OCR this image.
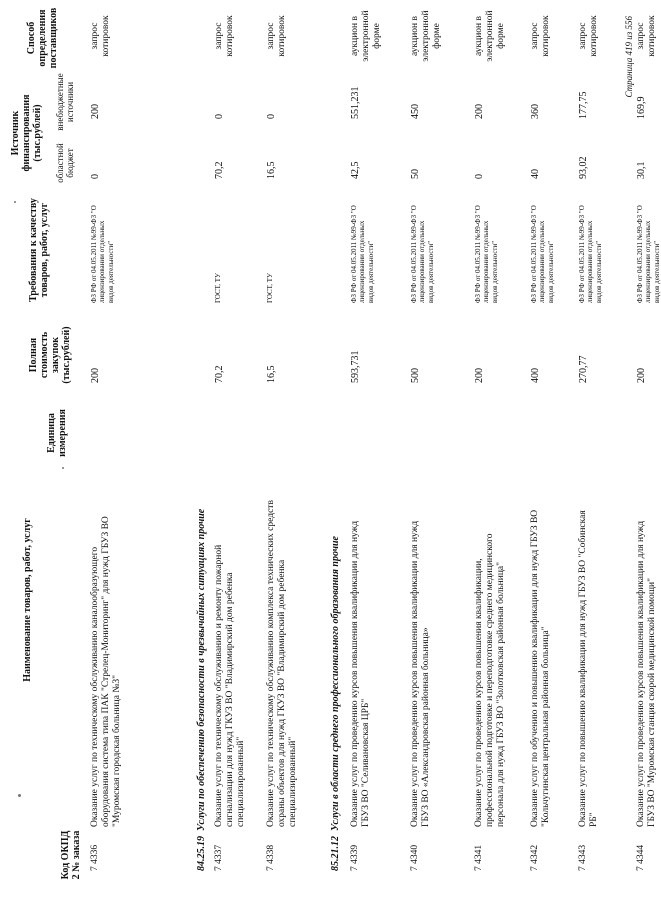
Код ОКПД 2 № заказа
Наименование товаров, работ, услуг
Единица измерения
Полная стоимость закупок (тыс.рублей)
Требования к качеству товаров, работ, услуг
Источник финансирования (тыс.рублей)
областной бюджет
внебюджетные источники
Способ определения поставщиков
7 4336
Оказание услуг по техническому обслуживанию каналообразующего оборудования система типа ПАК "Стрелец-Мониторинг" для нужд ГБУЗ ВО "Муромская городская больница №3"
200
ФЗ РФ от 04.05.2011 №99-ФЗ "О лицензировании отдельных видов деятельности"
0
200
запрос котировок
84.25.19Услуги по обеспечению безопасности в чрезвычайных ситуациях прочие
7 4337
Оказание услуг по техническому обслуживанию и ремонту пожарной сигнализации для нужд ГКУЗ ВО "Владимирский дом ребенка специализированный"
70,2
ГОСТ, ТУ
70,2
0
запрос котировок
7 4338
Оказание услуг по техническому обслуживанию комплекса технических средств охраны объектов для нужд ГКУЗ ВО "Владимирский дом ребенка специализированный"
16,5
ГОСТ, ТУ
16,5
0
запрос котировок
85.21.12Услуги в области среднего профессионального образования прочие
7 4339
Оказание услуг по проведению курсов повышения квалификации для нужд ГБУЗ ВО "Селивановская ЦРБ"
593,731
ФЗ РФ от 04.05.2011 №99-ФЗ "О лицензировании отдельных видов деятельности"
42,5
551,231
аукцион в электронной форме
7 4340
Оказание услуг по проведению курсов повышения квалификации для нужд ГБУЗ ВО «Александровская районная больница»
500
ФЗ РФ от 04.05.2011 №99-ФЗ "О лицензировании отдельных видов деятельности"
50
450
аукцион в электронной форме
7 4341
Оказание услуг по проведению курсов повышения квалификации, профессиональной подготовке и переподготовке среднего медицинского персонала для нужд ГБУЗ ВО "Золотковская районная больница"
200
ФЗ РФ от 04.05.2011 №99-ФЗ "О лицензировании отдельных видов деятельности"
0
200
аукцион в электронной форме
7 4342
Оказание услуг по обучению и повышению квалификации для нужд ГБУЗ ВО "Кольчугинская центральная районная больница"
400
ФЗ РФ от 04.05.2011 №99-ФЗ "О лицензировании отдельных видов деятельности"
40
360
запрос котировок
7 4343
Оказание услуг по повышению квалификации для нужд ГБУЗ ВО "Собинская РБ"
270,77
ФЗ РФ от 04.05.2011 №99-ФЗ "О лицензировании отдельных видов деятельности"
93,02
177,75
запрос котировок
7 4344
Оказание услуг по проведению курсов повышения квалификации для нужд ГБУЗ ВО "Муромская станция скорой медицинской помощи"
200
ФЗ РФ от 04.05.2011 №99-ФЗ "О лицензировании отдельных видов деятельности"
30,1
169,9
запрос котировок
Страница 419 из 556
